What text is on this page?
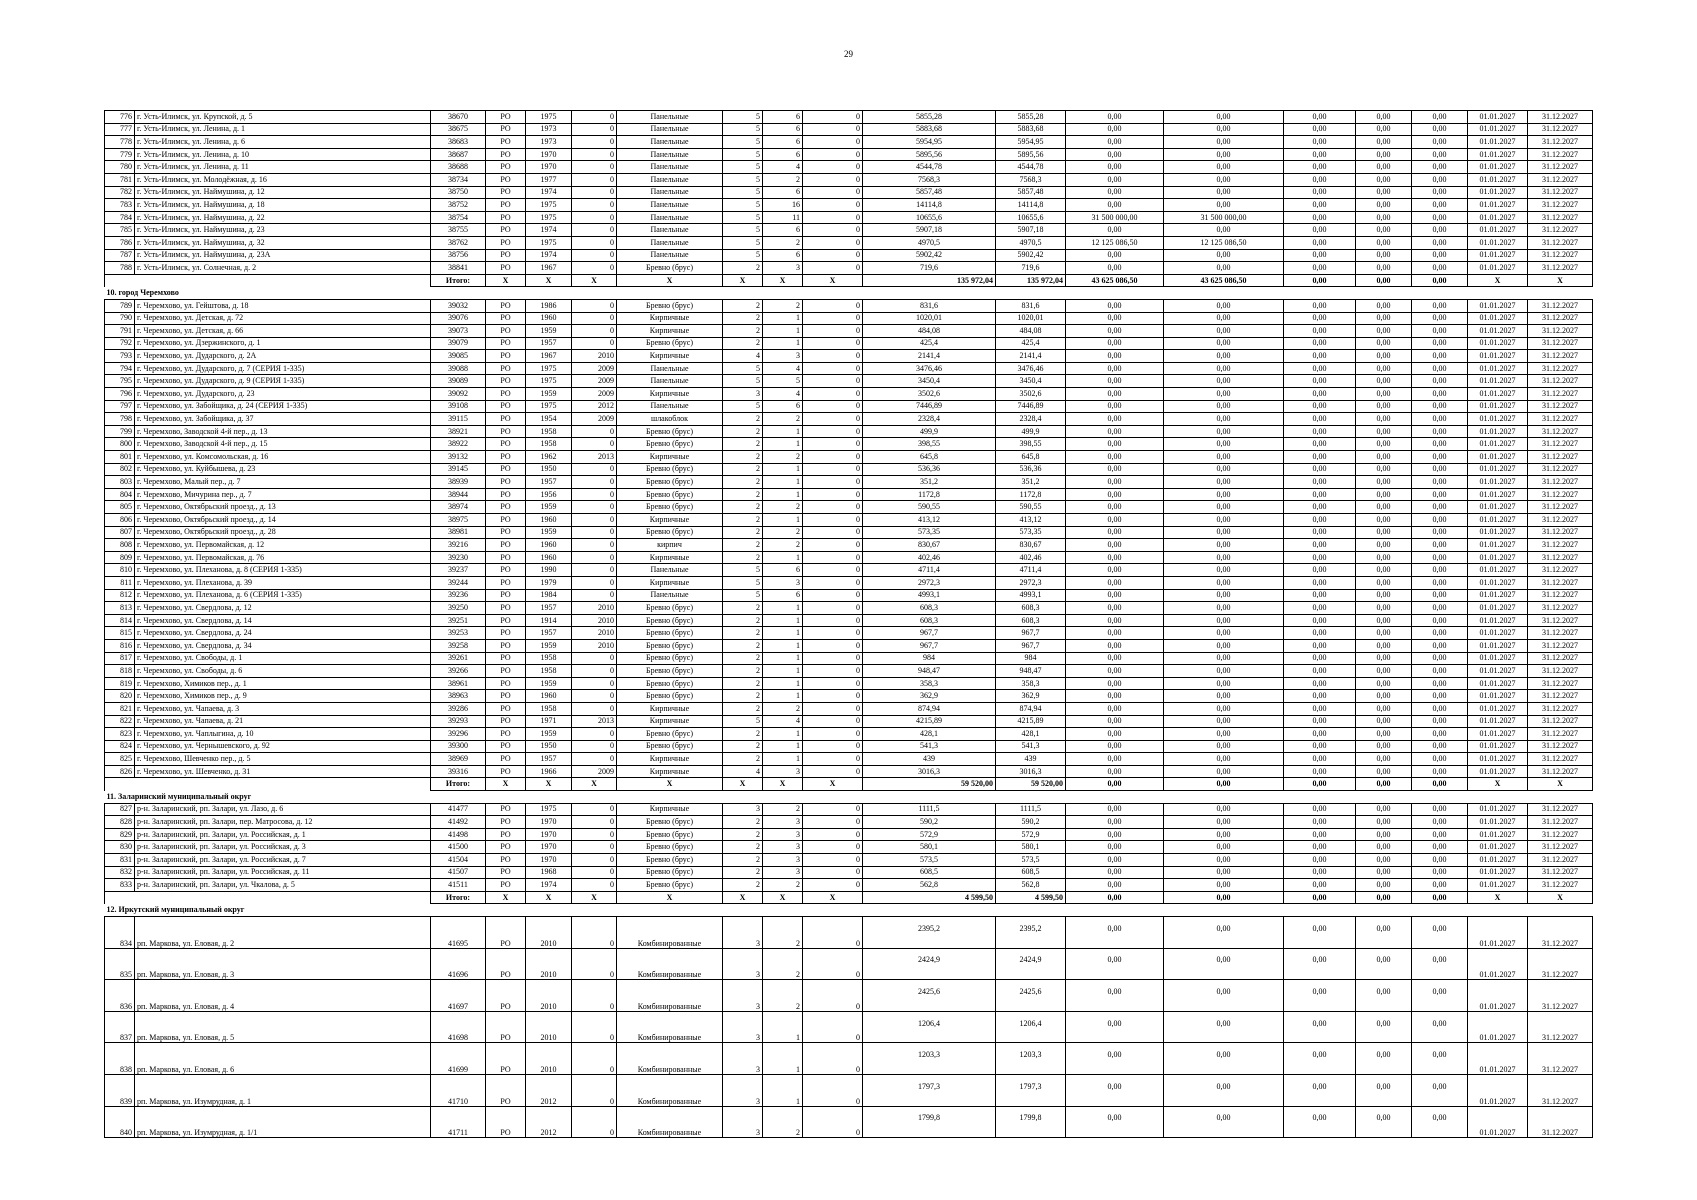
29
776	г. Усть-Илимск, ул. Крупской, д. 5	38670	РО	1975	0	Панельные	5	6	0	5855,28	5855,28	0,00	0,00	0,00	0,00	0,00	01.01.2027	31.12.2027
777	г. Усть-Илимск, ул. Ленина, д. 1	38675	РО	1973	0	Панельные	5	6	0	5883,68	5883,68	0,00	0,00	0,00	0,00	0,00	01.01.2027	31.12.2027
778	г. Усть-Илимск, ул. Ленина, д. 6	38683	РО	1973	0	Панельные	5	6	0	5954,95	5954,95	0,00	0,00	0,00	0,00	0,00	01.01.2027	31.12.2027
779	г. Усть-Илимск, ул. Ленина, д. 10	38687	РО	1970	0	Панельные	5	6	0	5895,56	5895,56	0,00	0,00	0,00	0,00	0,00	01.01.2027	31.12.2027
780	г. Усть-Илимск, ул. Ленина, д. 11	38688	РО	1970	0	Панельные	5	4	0	4544,78	4544,78	0,00	0,00	0,00	0,00	0,00	01.01.2027	31.12.2027
781	г. Усть-Илимск, ул. Молодёжная, д. 16	38734	РО	1977	0	Панельные	5	2	0	7568,3	7568,3	0,00	0,00	0,00	0,00	0,00	01.01.2027	31.12.2027
782	г. Усть-Илимск, ул. Наймушина, д. 12	38750	РО	1974	0	Панельные	5	6	0	5857,48	5857,48	0,00	0,00	0,00	0,00	0,00	01.01.2027	31.12.2027
783	г. Усть-Илимск, ул. Наймушина, д. 18	38752	РО	1975	0	Панельные	5	16	0	14114,8	14114,8	0,00	0,00	0,00	0,00	0,00	01.01.2027	31.12.2027
784	г. Усть-Илимск, ул. Наймушина, д. 22	38754	РО	1975	0	Панельные	5	11	0	10655,6	10655,6	31 500 000,00	31 500 000,00	0,00	0,00	0,00	01.01.2027	31.12.2027
785	г. Усть-Илимск, ул. Наймушина, д. 23	38755	РО	1974	0	Панельные	5	6	0	5907,18	5907,18	0,00	0,00	0,00	0,00	0,00	01.01.2027	31.12.2027
786	г. Усть-Илимск, ул. Наймушина, д. 32	38762	РО	1975	0	Панельные	5	2	0	4970,5	4970,5	12 125 086,50	12 125 086,50	0,00	0,00	0,00	01.01.2027	31.12.2027
787	г. Усть-Илимск, ул. Наймушина, д. 23А	38756	РО	1974	0	Панельные	5	6	0	5902,42	5902,42	0,00	0,00	0,00	0,00	0,00	01.01.2027	31.12.2027
788	г. Усть-Илимск, ул. Солнечная, д. 2	38841	РО	1967	0	Бревно (брус)	2	3	0	719,6	719,6	0,00	0,00	0,00	0,00	0,00	01.01.2027	31.12.2027
		Итого:	X	X	X	X	X	X	X	135 972,04	135 972,04	43 625 086,50	43 625 086,50	0,00	0,00	0,00	X	X
10. город Черемхово																		
789	г. Черемхово, ул. Гейштова, д. 18	39032	РО	1986	0	Бревно (брус)	2	2	0	831,6	831,6	0,00	0,00	0,00	0,00	0,00	01.01.2027	31.12.2027
790	г. Черемхово, ул. Детская, д. 72	39076	РО	1960	0	Кирпичные	2	1	0	1020,01	1020,01	0,00	0,00	0,00	0,00	0,00	01.01.2027	31.12.2027
791	г. Черемхово, ул. Детская, д. 66	39073	РО	1959	0	Кирпичные	2	1	0	484,08	484,08	0,00	0,00	0,00	0,00	0,00	01.01.2027	31.12.2027
792	г. Черемхово, ул. Дзержинского, д. 1	39079	РО	1957	0	Бревно (брус)	2	1	0	425,4	425,4	0,00	0,00	0,00	0,00	0,00	01.01.2027	31.12.2027
793	г. Черемхово, ул. Дударского, д. 2А	39085	РО	1967	2010	Кирпичные	4	3	0	2141,4	2141,4	0,00	0,00	0,00	0,00	0,00	01.01.2027	31.12.2027
794	г. Черемхово, ул. Дударского, д. 7 (СЕРИЯ 1-335)	39088	РО	1975	2009	Панельные	5	4	0	3476,46	3476,46	0,00	0,00	0,00	0,00	0,00	01.01.2027	31.12.2027
795	г. Черемхово, ул. Дударского, д. 9 (СЕРИЯ 1-335)	39089	РО	1975	2009	Панельные	5	5	0	3450,4	3450,4	0,00	0,00	0,00	0,00	0,00	01.01.2027	31.12.2027
796	г. Черемхово, ул. Дударского, д. 23	39092	РО	1959	2009	Кирпичные	3	4	0	3502,6	3502,6	0,00	0,00	0,00	0,00	0,00	01.01.2027	31.12.2027
797	г. Черемхово, ул. Забойщика, д. 24 (СЕРИЯ 1-335)	39108	РО	1975	2012	Панельные	5	6	0	7446,89	7446,89	0,00	0,00	0,00	0,00	0,00	01.01.2027	31.12.2027
798	г. Черемхово, ул. Забойщика, д. 37	39115	РО	1954	2009	шлакоблок	2	2	0	2328,4	2328,4	0,00	0,00	0,00	0,00	0,00	01.01.2027	31.12.2027
799	г. Черемхово, Заводской 4-й пер., д. 13	38921	РО	1958	0	Бревно (брус)	2	1	0	499,9	499,9	0,00	0,00	0,00	0,00	0,00	01.01.2027	31.12.2027
800	г. Черемхово, Заводской 4-й пер., д. 15	38922	РО	1958	0	Бревно (брус)	2	1	0	398,55	398,55	0,00	0,00	0,00	0,00	0,00	01.01.2027	31.12.2027
801	г. Черемхово, ул. Комсомольская, д. 16	39132	РО	1962	2013	Кирпичные	2	2	0	645,8	645,8	0,00	0,00	0,00	0,00	0,00	01.01.2027	31.12.2027
802	г. Черемхово, ул. Куйбышева, д. 23	39145	РО	1950	0	Бревно (брус)	2	1	0	536,36	536,36	0,00	0,00	0,00	0,00	0,00	01.01.2027	31.12.2027
803	г. Черемхово, Малый пер., д. 7	38939	РО	1957	0	Бревно (брус)	2	1	0	351,2	351,2	0,00	0,00	0,00	0,00	0,00	01.01.2027	31.12.2027
804	г. Черемхово, Мичурина пер., д. 7	38944	РО	1956	0	Бревно (брус)	2	1	0	1172,8	1172,8	0,00	0,00	0,00	0,00	0,00	01.01.2027	31.12.2027
805	г. Черемхово, Октябрьский проезд., д. 13	38974	РО	1959	0	Бревно (брус)	2	2	0	590,55	590,55	0,00	0,00	0,00	0,00	0,00	01.01.2027	31.12.2027
806	г. Черемхово, Октябрьский проезд., д. 14	38975	РО	1960	0	Кирпичные	2	1	0	413,12	413,12	0,00	0,00	0,00	0,00	0,00	01.01.2027	31.12.2027
807	г. Черемхово, Октябрьский проезд., д. 28	38981	РО	1959	0	Бревно (брус)	2	2	0	573,35	573,35	0,00	0,00	0,00	0,00	0,00	01.01.2027	31.12.2027
808	г. Черемхово, ул. Первомайская, д. 12	39216	РО	1960	0	кирпич	2	2	0	830,67	830,67	0,00	0,00	0,00	0,00	0,00	01.01.2027	31.12.2027
809	г. Черемхово, ул. Первомайская, д. 76	39230	РО	1960	0	Кирпичные	2	1	0	402,46	402,46	0,00	0,00	0,00	0,00	0,00	01.01.2027	31.12.2027
810	г. Черемхово, ул. Плеханова, д. 8 (СЕРИЯ 1-335)	39237	РО	1990	0	Панельные	5	6	0	4711,4	4711,4	0,00	0,00	0,00	0,00	0,00	01.01.2027	31.12.2027
811	г. Черемхово, ул. Плеханова, д. 39	39244	РО	1979	0	Кирпичные	5	3	0	2972,3	2972,3	0,00	0,00	0,00	0,00	0,00	01.01.2027	31.12.2027
812	г. Черемхово, ул. Плеханова, д. 6 (СЕРИЯ 1-335)	39236	РО	1984	0	Панельные	5	6	0	4993,1	4993,1	0,00	0,00	0,00	0,00	0,00	01.01.2027	31.12.2027
813	г. Черемхово, ул. Свердлова, д. 12	39250	РО	1957	2010	Бревно (брус)	2	1	0	608,3	608,3	0,00	0,00	0,00	0,00	0,00	01.01.2027	31.12.2027
814	г. Черемхово, ул. Свердлова, д. 14	39251	РО	1914	2010	Бревно (брус)	2	1	0	608,3	608,3	0,00	0,00	0,00	0,00	0,00	01.01.2027	31.12.2027
815	г. Черемхово, ул. Свердлова, д. 24	39253	РО	1957	2010	Бревно (брус)	2	1	0	967,7	967,7	0,00	0,00	0,00	0,00	0,00	01.01.2027	31.12.2027
816	г. Черемхово, ул. Свердлова, д. 34	39258	РО	1959	2010	Бревно (брус)	2	1	0	967,7	967,7	0,00	0,00	0,00	0,00	0,00	01.01.2027	31.12.2027
817	г. Черемхово, ул. Свободы, д. 1	39261	РО	1958	0	Бревно (брус)	2	1	0	984	984	0,00	0,00	0,00	0,00	0,00	01.01.2027	31.12.2027
818	г. Черемхово, ул. Свободы, д. 6	39266	РО	1958	0	Бревно (брус)	2	1	0	948,47	948,47	0,00	0,00	0,00	0,00	0,00	01.01.2027	31.12.2027
819	г. Черемхово, Химиков пер., д. 1	38961	РО	1959	0	Бревно (брус)	2	1	0	358,3	358,3	0,00	0,00	0,00	0,00	0,00	01.01.2027	31.12.2027
820	г. Черемхово, Химиков пер., д. 9	38963	РО	1960	0	Бревно (брус)	2	1	0	362,9	362,9	0,00	0,00	0,00	0,00	0,00	01.01.2027	31.12.2027
821	г. Черемхово, ул. Чапаева, д. 3	39286	РО	1958	0	Кирпичные	2	2	0	874,94	874,94	0,00	0,00	0,00	0,00	0,00	01.01.2027	31.12.2027
822	г. Черемхово, ул. Чапаева, д. 21	39293	РО	1971	2013	Кирпичные	5	4	0	4215,89	4215,89	0,00	0,00	0,00	0,00	0,00	01.01.2027	31.12.2027
823	г. Черемхово, ул. Чаплыгина, д. 10	39296	РО	1959	0	Бревно (брус)	2	1	0	428,1	428,1	0,00	0,00	0,00	0,00	0,00	01.01.2027	31.12.2027
824	г. Черемхово, ул. Чернышевского, д. 92	39300	РО	1950	0	Бревно (брус)	2	1	0	541,3	541,3	0,00	0,00	0,00	0,00	0,00	01.01.2027	31.12.2027
825	г. Черемхово, Шевченко пер., д. 5	38969	РО	1957	0	Кирпичные	2	1	0	439	439	0,00	0,00	0,00	0,00	0,00	01.01.2027	31.12.2027
826	г. Черемхово, ул. Шевченко, д. 31	39316	РО	1966	2009	Кирпичные	4	3	0	3016,3	3016,3	0,00	0,00	0,00	0,00	0,00	01.01.2027	31.12.2027
		Итого:	X	X	X	X	X	X	X	59 520,00	59 520,00	0,00	0,00	0,00	0,00	0,00	X	X
11. Заларинский муниципальный округ																		
827	р-н. Заларинский, рп. Залари, ул. Лазо, д. 6	41477	РО	1975	0	Кирпичные	3	2	0	1111,5	1111,5	0,00	0,00	0,00	0,00	0,00	01.01.2027	31.12.2027
828	р-н. Заларинский, рп. Залари, пер. Матросова, д. 12	41492	РО	1970	0	Бревно (брус)	2	3	0	590,2	590,2	0,00	0,00	0,00	0,00	0,00	01.01.2027	31.12.2027
829	р-н. Заларинский, рп. Залари, ул. Российская, д. 1	41498	РО	1970	0	Бревно (брус)	2	3	0	572,9	572,9	0,00	0,00	0,00	0,00	0,00	01.01.2027	31.12.2027
830	р-н. Заларинский, рп. Залари, ул. Российская, д. 3	41500	РО	1970	0	Бревно (брус)	2	3	0	580,1	580,1	0,00	0,00	0,00	0,00	0,00	01.01.2027	31.12.2027
831	р-н. Заларинский, рп. Залари, ул. Российская, д. 7	41504	РО	1970	0	Бревно (брус)	2	3	0	573,5	573,5	0,00	0,00	0,00	0,00	0,00	01.01.2027	31.12.2027
832	р-н. Заларинский, рп. Залари, ул. Российская, д. 11	41507	РО	1968	0	Бревно (брус)	2	3	0	608,5	608,5	0,00	0,00	0,00	0,00	0,00	01.01.2027	31.12.2027
833	р-н. Заларинский, рп. Залари, ул. Чкалова, д. 5	41511	РО	1974	0	Бревно (брус)	2	2	0	562,8	562,8	0,00	0,00	0,00	0,00	0,00	01.01.2027	31.12.2027
		Итого:	X	X	X	X	X	X	X	4 599,50	4 599,50	0,00	0,00	0,00	0,00	0,00	X	X
12. Иркутский муниципальный округ																		
834	рп. Маркова, ул. Еловая, д. 2	41695	РО	2010	0	Комбинированные	3	2	0	2395,2	2395,2	0,00	0,00	0,00	0,00	0,00	01.01.2027	31.12.2027
835	рп. Маркова, ул. Еловая, д. 3	41696	РО	2010	0	Комбинированные	3	2	0	2424,9	2424,9	0,00	0,00	0,00	0,00	0,00	01.01.2027	31.12.2027
836	рп. Маркова, ул. Еловая, д. 4	41697	РО	2010	0	Комбинированные	3	2	0	2425,6	2425,6	0,00	0,00	0,00	0,00	0,00	01.01.2027	31.12.2027
837	рп. Маркова, ул. Еловая, д. 5	41698	РО	2010	0	Комбинированные	3	1	0	1206,4	1206,4	0,00	0,00	0,00	0,00	0,00	01.01.2027	31.12.2027
838	рп. Маркова, ул. Еловая, д. 6	41699	РО	2010	0	Комбинированные	3	1	0	1203,3	1203,3	0,00	0,00	0,00	0,00	0,00	01.01.2027	31.12.2027
839	рп. Маркова, ул. Изумрудная, д. 1	41710	РО	2012	0	Комбинированные	3	1	0	1797,3	1797,3	0,00	0,00	0,00	0,00	0,00	01.01.2027	31.12.2027
840	рп. Маркова, ул. Изумрудная, д. 1/1	41711	РО	2012	0	Комбинированные	3	2	0	1799,8	1799,8	0,00	0,00	0,00	0,00	0,00	01.01.2027	31.12.2027
